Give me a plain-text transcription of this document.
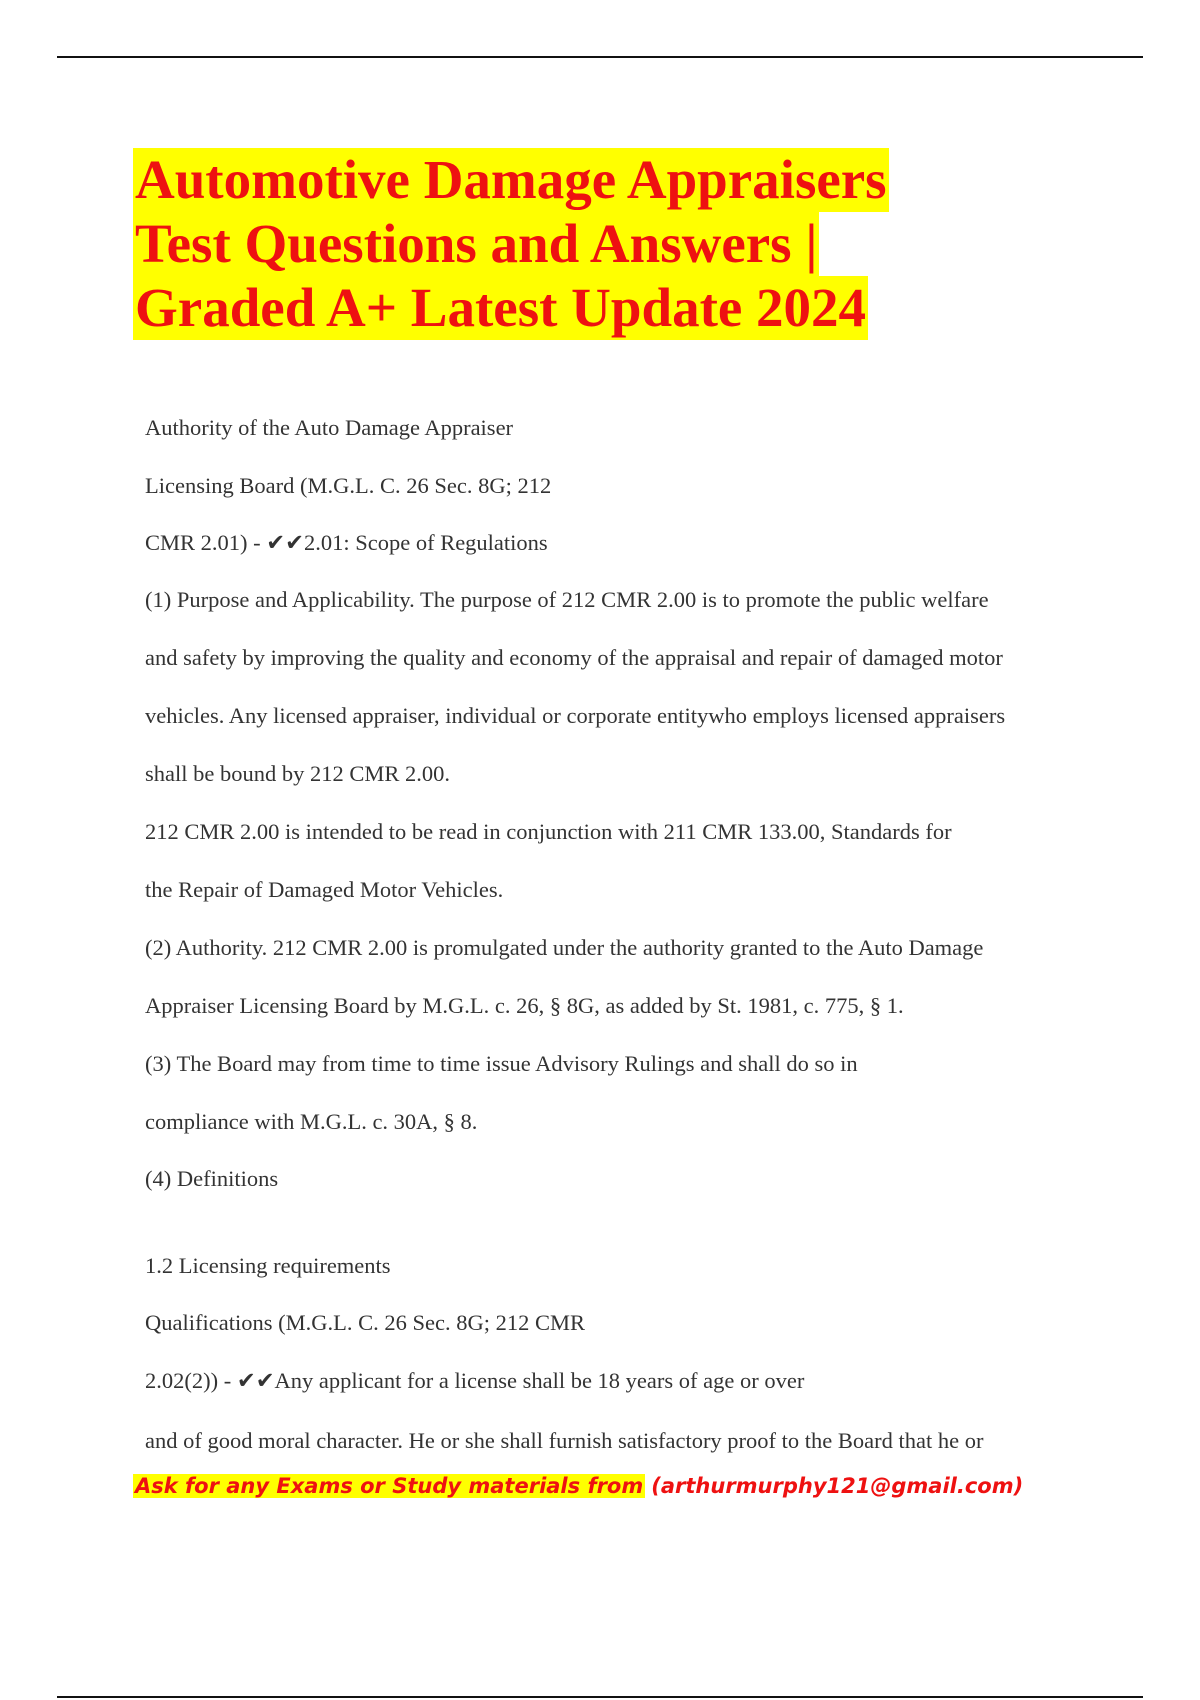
Automotive Damage Appraisers
Test Questions and Answers |
Graded A+ Latest Update 2024
Authority of the Auto Damage Appraiser
Licensing Board (M.G.L. C. 26 Sec. 8G; 212
CMR 2.01) - ✔✔2.01: Scope of Regulations
(1) Purpose and Applicability. The purpose of 212 CMR 2.00 is to promote the public welfare
and safety by improving the quality and economy of the appraisal and repair of damaged motor
vehicles. Any licensed appraiser, individual or corporate entitywho employs licensed appraisers
shall be bound by 212 CMR 2.00.
212 CMR 2.00 is intended to be read in conjunction with 211 CMR 133.00, Standards for
the Repair of Damaged Motor Vehicles.
(2) Authority. 212 CMR 2.00 is promulgated under the authority granted to the Auto Damage
Appraiser Licensing Board by M.G.L. c. 26, § 8G, as added by St. 1981, c. 775, § 1.
(3) The Board may from time to time issue Advisory Rulings and shall do so in
compliance with M.G.L. c. 30A, § 8.
(4) Definitions
1.2 Licensing requirements
Qualifications (M.G.L. C. 26 Sec. 8G; 212 CMR
2.02(2)) - ✔✔Any applicant for a license shall be 18 years of age or over
and of good moral character. He or she shall furnish satisfactory proof to the Board that he or
Ask for any Exams or Study materials from (arthurmurphy121@gmail.com)
